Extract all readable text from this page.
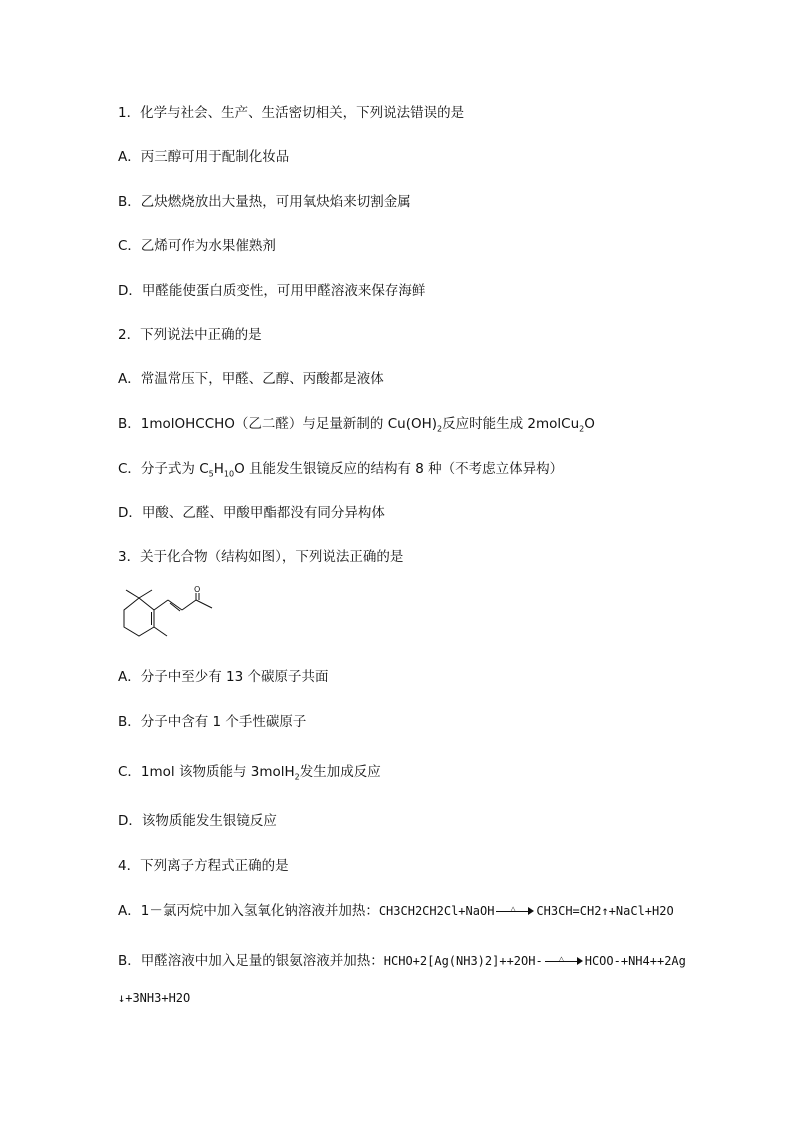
1．化学与社会、生产、生活密切相关，下列说法错误的是
A．丙三醇可用于配制化妆品
B．乙炔燃烧放出大量热，可用氧炔焰来切割金属
C．乙烯可作为水果催熟剂
D．甲醛能使蛋白质变性，可用甲醛溶液来保存海鲜
2．下列说法中正确的是
A．常温常压下，甲醛、乙醇、丙酸都是液体
B．1molOHCCHO（乙二醛）与足量新制的 $Cu(OH)_2$反应时能生成 2molCu$_2$O
C．分子式为 $C_5H_{10}O$ 且能发生银镜反应的结构有 8 种（不考虑立体异构）
D．甲酸、乙醛、甲酸甲酯都没有同分异构体
3．关于化合物（结构如图），下列说法正确的是
O
A．分子中至少有 13 个碳原子共面
B．分子中含有 1 个手性碳原子
C．1mol 该物质能与 3molH$_2$发生加成反应
D．该物质能发生银镜反应
4．下列离子方程式正确的是
A．1－氯丙烷中加入氢氧化钠溶液并加热：CH3CH2CH2Cl+NaOH △ CH3CH=CH2↑+NaCl+H2O
B．甲醛溶液中加入足量的银氨溶液并加热：HCHO+2[Ag(NH3)2]++2OH- △ HCOO-+NH4++2Ag
↓+3NH3+H2O
